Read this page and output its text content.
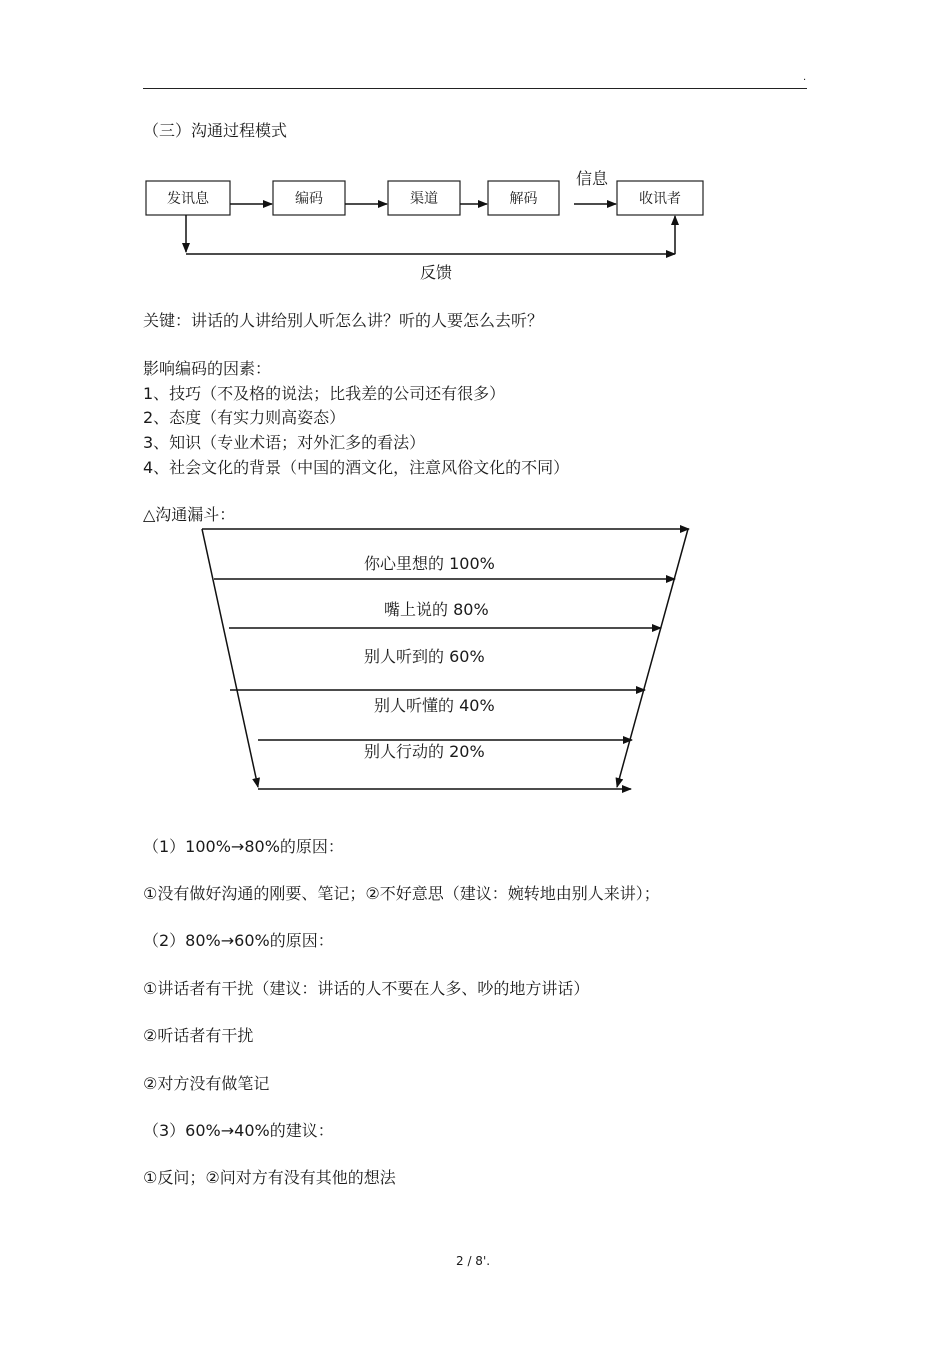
.
（三）沟通过程模式
发讯息	编码	渠道	解码	收讯者
信息
反馈
关键：讲话的人讲给别人听怎么讲？听的人要怎么去听？
影响编码的因素：
1、技巧（不及格的说法；比我差的公司还有很多）
2、态度（有实力则高姿态）
3、知识（专业术语；对外汇多的看法）
4、社会文化的背景（中国的酒文化，注意风俗文化的不同）
△沟通漏斗：
你心里想的 100%
嘴上说的 80%
别人听到的 60%
别人听懂的 40%
别人行动的 20%
（1）100%→80%的原因：
①没有做好沟通的刚要、笔记；②不好意思（建议：婉转地由别人来讲）；
（2）80%→60%的原因：
①讲话者有干扰（建议：讲话的人不要在人多、吵的地方讲话）
②听话者有干扰
②对方没有做笔记
（3）60%→40%的建议：
①反问；②问对方有没有其他的想法
2 / 8'.
